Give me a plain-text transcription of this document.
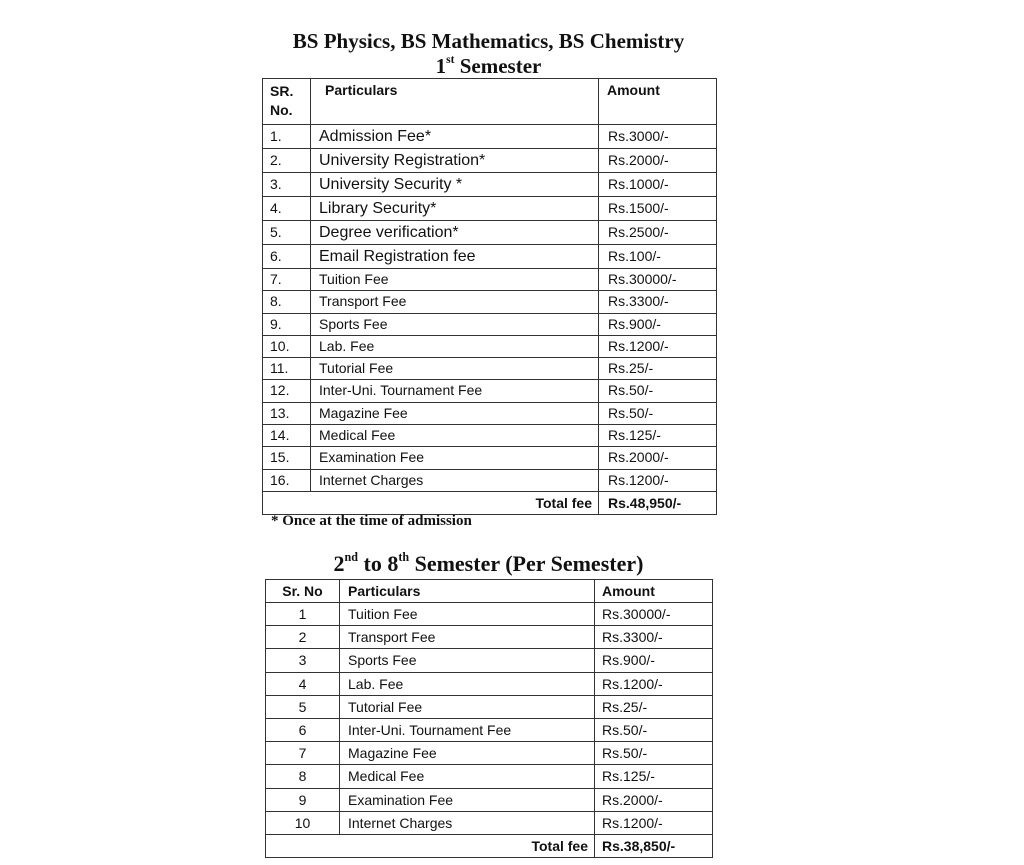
BS Physics, BS Mathematics, BS Chemistry
1st Semester
SR.
No.	Particulars	Amount
1.	Admission Fee*	Rs.3000/-
2.	University Registration*	Rs.2000/-
3.	University Security *	Rs.1000/-
4.	Library Security*	Rs.1500/-
5.	Degree verification*	Rs.2500/-
6.	Email Registration fee	Rs.100/-
7.	Tuition Fee	Rs.30000/-
8.	Transport Fee	Rs.3300/-
9.	Sports Fee	Rs.900/-
10.	Lab. Fee	Rs.1200/-
11.	Tutorial Fee	Rs.25/-
12.	Inter-Uni. Tournament Fee	Rs.50/-
13.	Magazine Fee	Rs.50/-
14.	Medical Fee	Rs.125/-
15.	Examination Fee	Rs.2000/-
16.	Internet Charges	Rs.1200/-
Total fee		Rs.48,950/-
* Once at the time of admission
2nd to 8th Semester (Per Semester)
Sr. No	Particulars	Amount
1	Tuition Fee	Rs.30000/-
2	Transport Fee	Rs.3300/-
3	Sports Fee	Rs.900/-
4	Lab. Fee	Rs.1200/-
5	Tutorial Fee	Rs.25/-
6	Inter-Uni. Tournament Fee	Rs.50/-
7	Magazine Fee	Rs.50/-
8	Medical Fee	Rs.125/-
9	Examination Fee	Rs.2000/-
10	Internet Charges	Rs.1200/-
Total fee		Rs.38,850/-
